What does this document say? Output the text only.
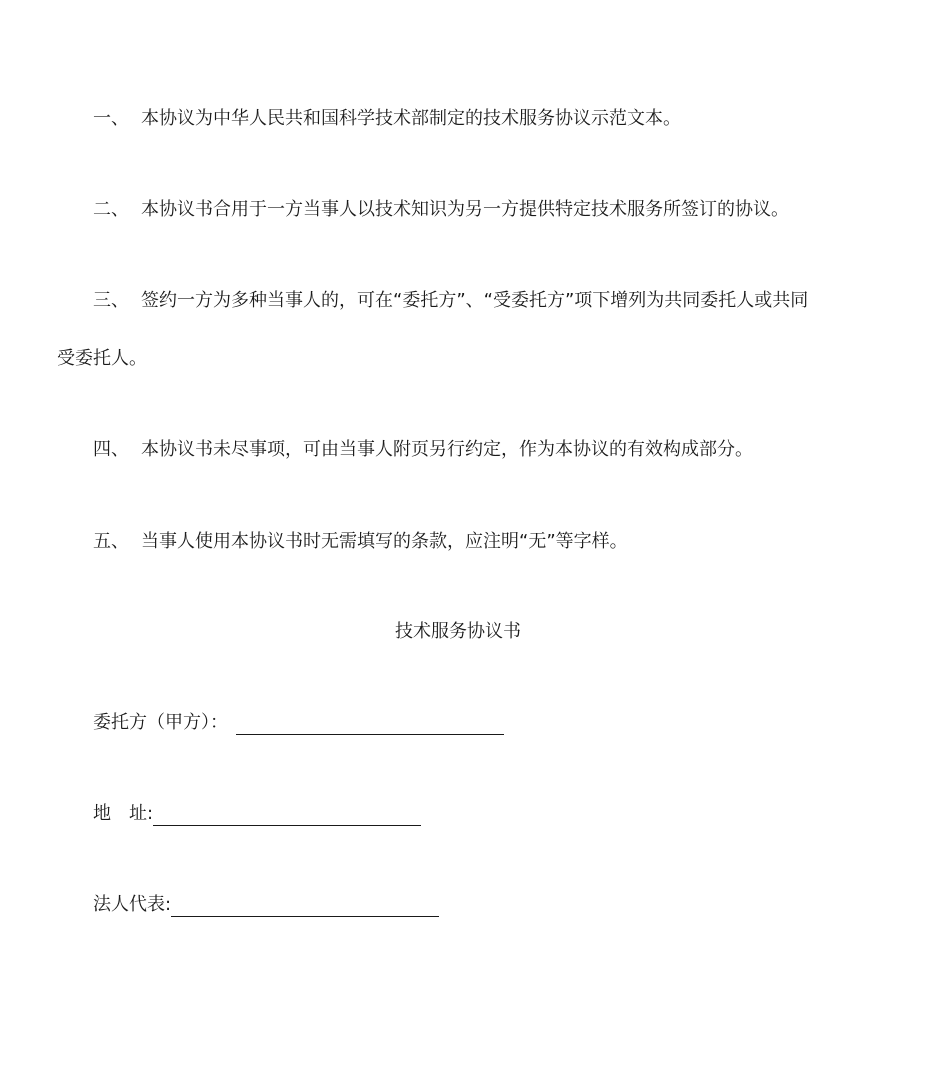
一、 本协议为中华人民共和国科学技术部制定的技术服务协议示范文本。
二、 本协议书合用于一方当事人以技术知识为另一方提供特定技术服务所签订的协议。
三、 签约一方为多种当事人的，可在“委托方”、“受委托方”项下增列为共同委托人或共同
受委托人。
四、 本协议书未尽事项，可由当事人附页另行约定，作为本协议的有效构成部分。
五、 当事人使用本协议书时无需填写的条款，应注明“无”等字样。
技术服务协议书
委托方（甲方）：
地　址:
法人代表:
